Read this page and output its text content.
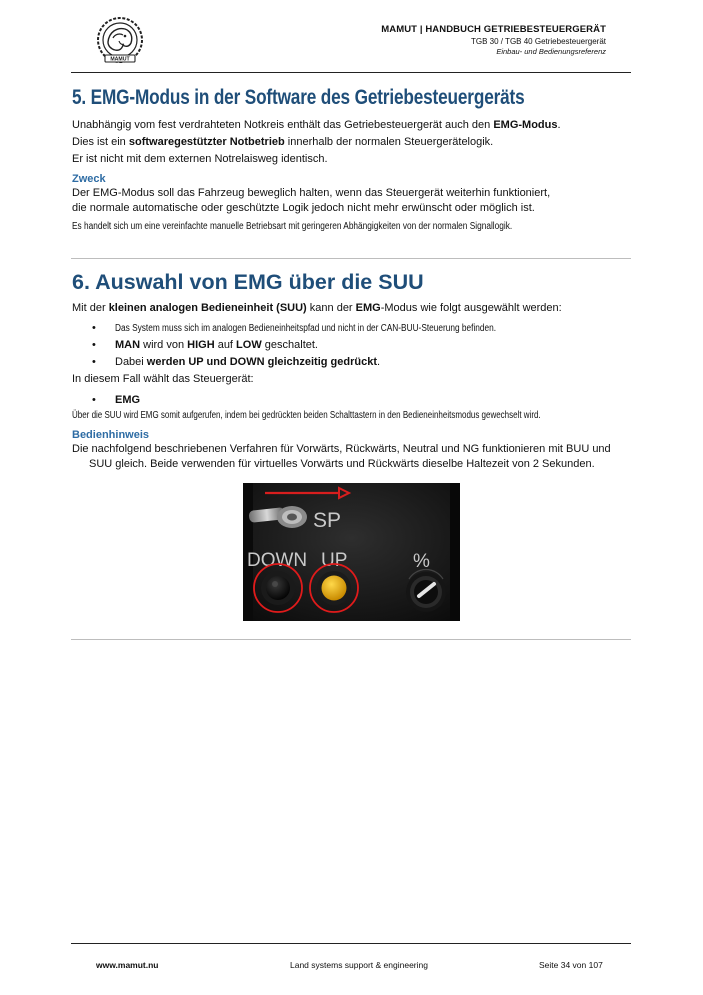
MAMUT
MAMUT | HANDBUCH GETRIEBESTEUERGERÄT
TGB 30 / TGB 40 Getriebesteuergerät
Einbau- und Bedienungsreferenz
5. EMG-Modus in der Software des Getriebesteuergeräts

Unabhängig vom fest verdrahteten Notkreis enthält das Getriebesteuergerät auch den EMG-Modus.

Dies ist ein softwaregestützter Notbetrieb innerhalb der normalen Steuergerätelogik.

Er ist nicht mit dem externen Notrelaisweg identisch.

Zweck

Der EMG-Modus soll das Fahrzeug beweglich halten, wenn das Steuergerät weiterhin funktioniert,

die normale automatische oder geschützte Logik jedoch nicht mehr erwünscht oder möglich ist.

Es handelt sich um eine vereinfachte manuelle Betriebsart mit geringeren Abhängigkeiten von der normalen Signallogik.
6. Auswahl von EMG über die SUU

Mit der kleinen analogen Bedieneinheit (SUU) kann der EMG-Modus wie folgt ausgewählt werden:

• Das System muss sich im analogen Bedieneinheitspfad und nicht in der CAN-BUU-Steuerung befinden.
• MAN wird von HIGH auf LOW geschaltet.
• Dabei werden UP und DOWN gleichzeitig gedrückt.

In diesem Fall wählt das Steuergerät:

• EMG
Über die SUU wird EMG somit aufgerufen, indem bei gedrückten beiden Schalttastern in den Bedieneinheitsmodus gewechselt wird.
Bedienhinweis

Die nachfolgend beschriebenen Verfahren für Vorwärts, Rückwärts, Neutral und NG funktionieren mit BUU und SUU gleich. Beide verwenden für virtuelles Vorwärts und Rückwärts dieselbe Haltezeit von 2 Sekunden.

SP
DOWN UP	%
www.mamut.nu	Land systems support & engineering	Seite 34 von 107
